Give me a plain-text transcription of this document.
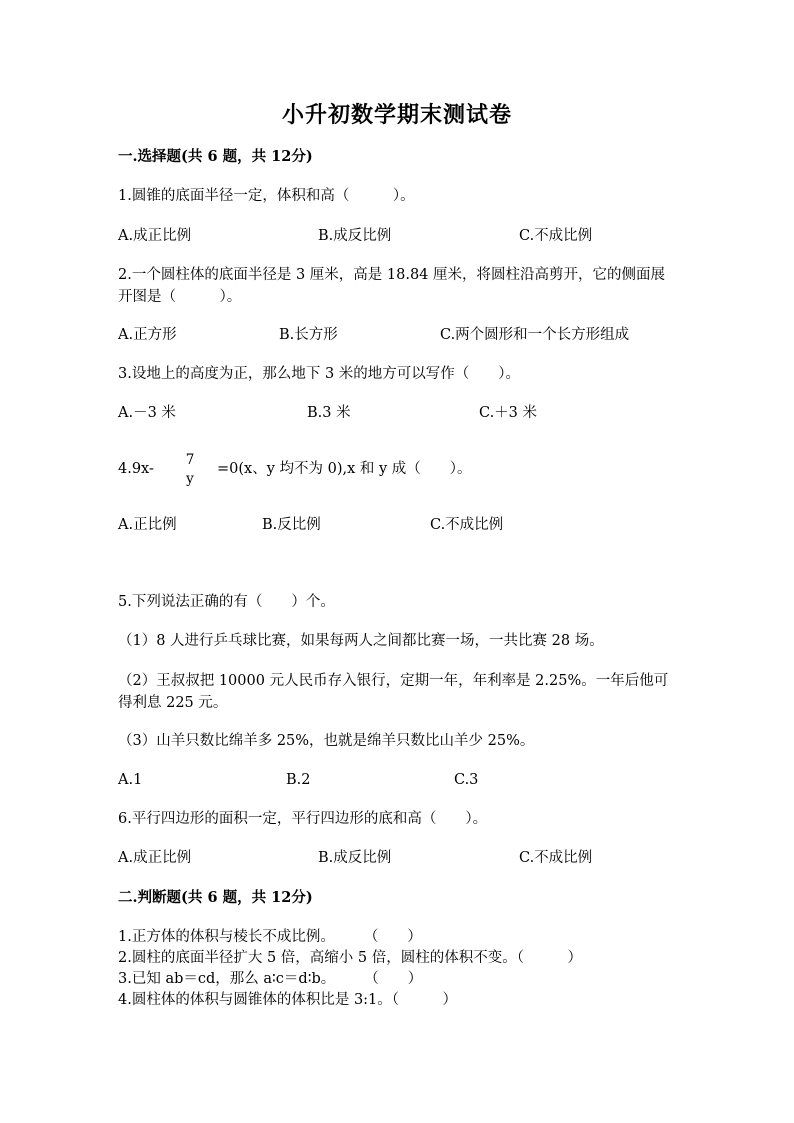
小升初数学期末测试卷
一.选择题(共 6 题，共 12分)
1.圆锥的底面半径一定，体积和高（　　　）。
A.成正比例	B.成反比例	C.不成比例
2.一个圆柱体的底面半径是 3 厘米，高是 18.84 厘米，将圆柱沿高剪开，它的侧面展开图是（　　　）。
A.正方形	B.长方形	C.两个圆形和一个长方形组成
3.设地上的高度为正，那么地下 3 米的地方可以写作（　　）。
A.－3 米	B.3 米	C.＋3 米
4.9x-
7
y
=0(x、y 均不为 0),x 和 y 成（　　）。
A.正比例	B.反比例	C.不成比例
5.下列说法正确的有（　　）个。
（1）8 人进行乒乓球比赛，如果每两人之间都比赛一场，一共比赛 28 场。
（2）王叔叔把 10000 元人民币存入银行，定期一年，年利率是 2.25%。一年后他可得利息 225 元。
（3）山羊只数比绵羊多 25%，也就是绵羊只数比山羊少 25%。
A.1	B.2	C.3
6.平行四边形的面积一定，平行四边形的底和高（　　）。
A.成正比例	B.成反比例	C.不成比例
二.判断题(共 6 题，共 12分)
1.正方体的体积与棱长不成比例。　　　（　　）
2.圆柱的底面半径扩大 5 倍，高缩小 5 倍，圆柱的体积不变。（　　　）
3.已知 ab＝cd，那么 a∶c＝d∶b。　　　（　　）
4.圆柱体的体积与圆锥体的体积比是 3:1。（　　　）
